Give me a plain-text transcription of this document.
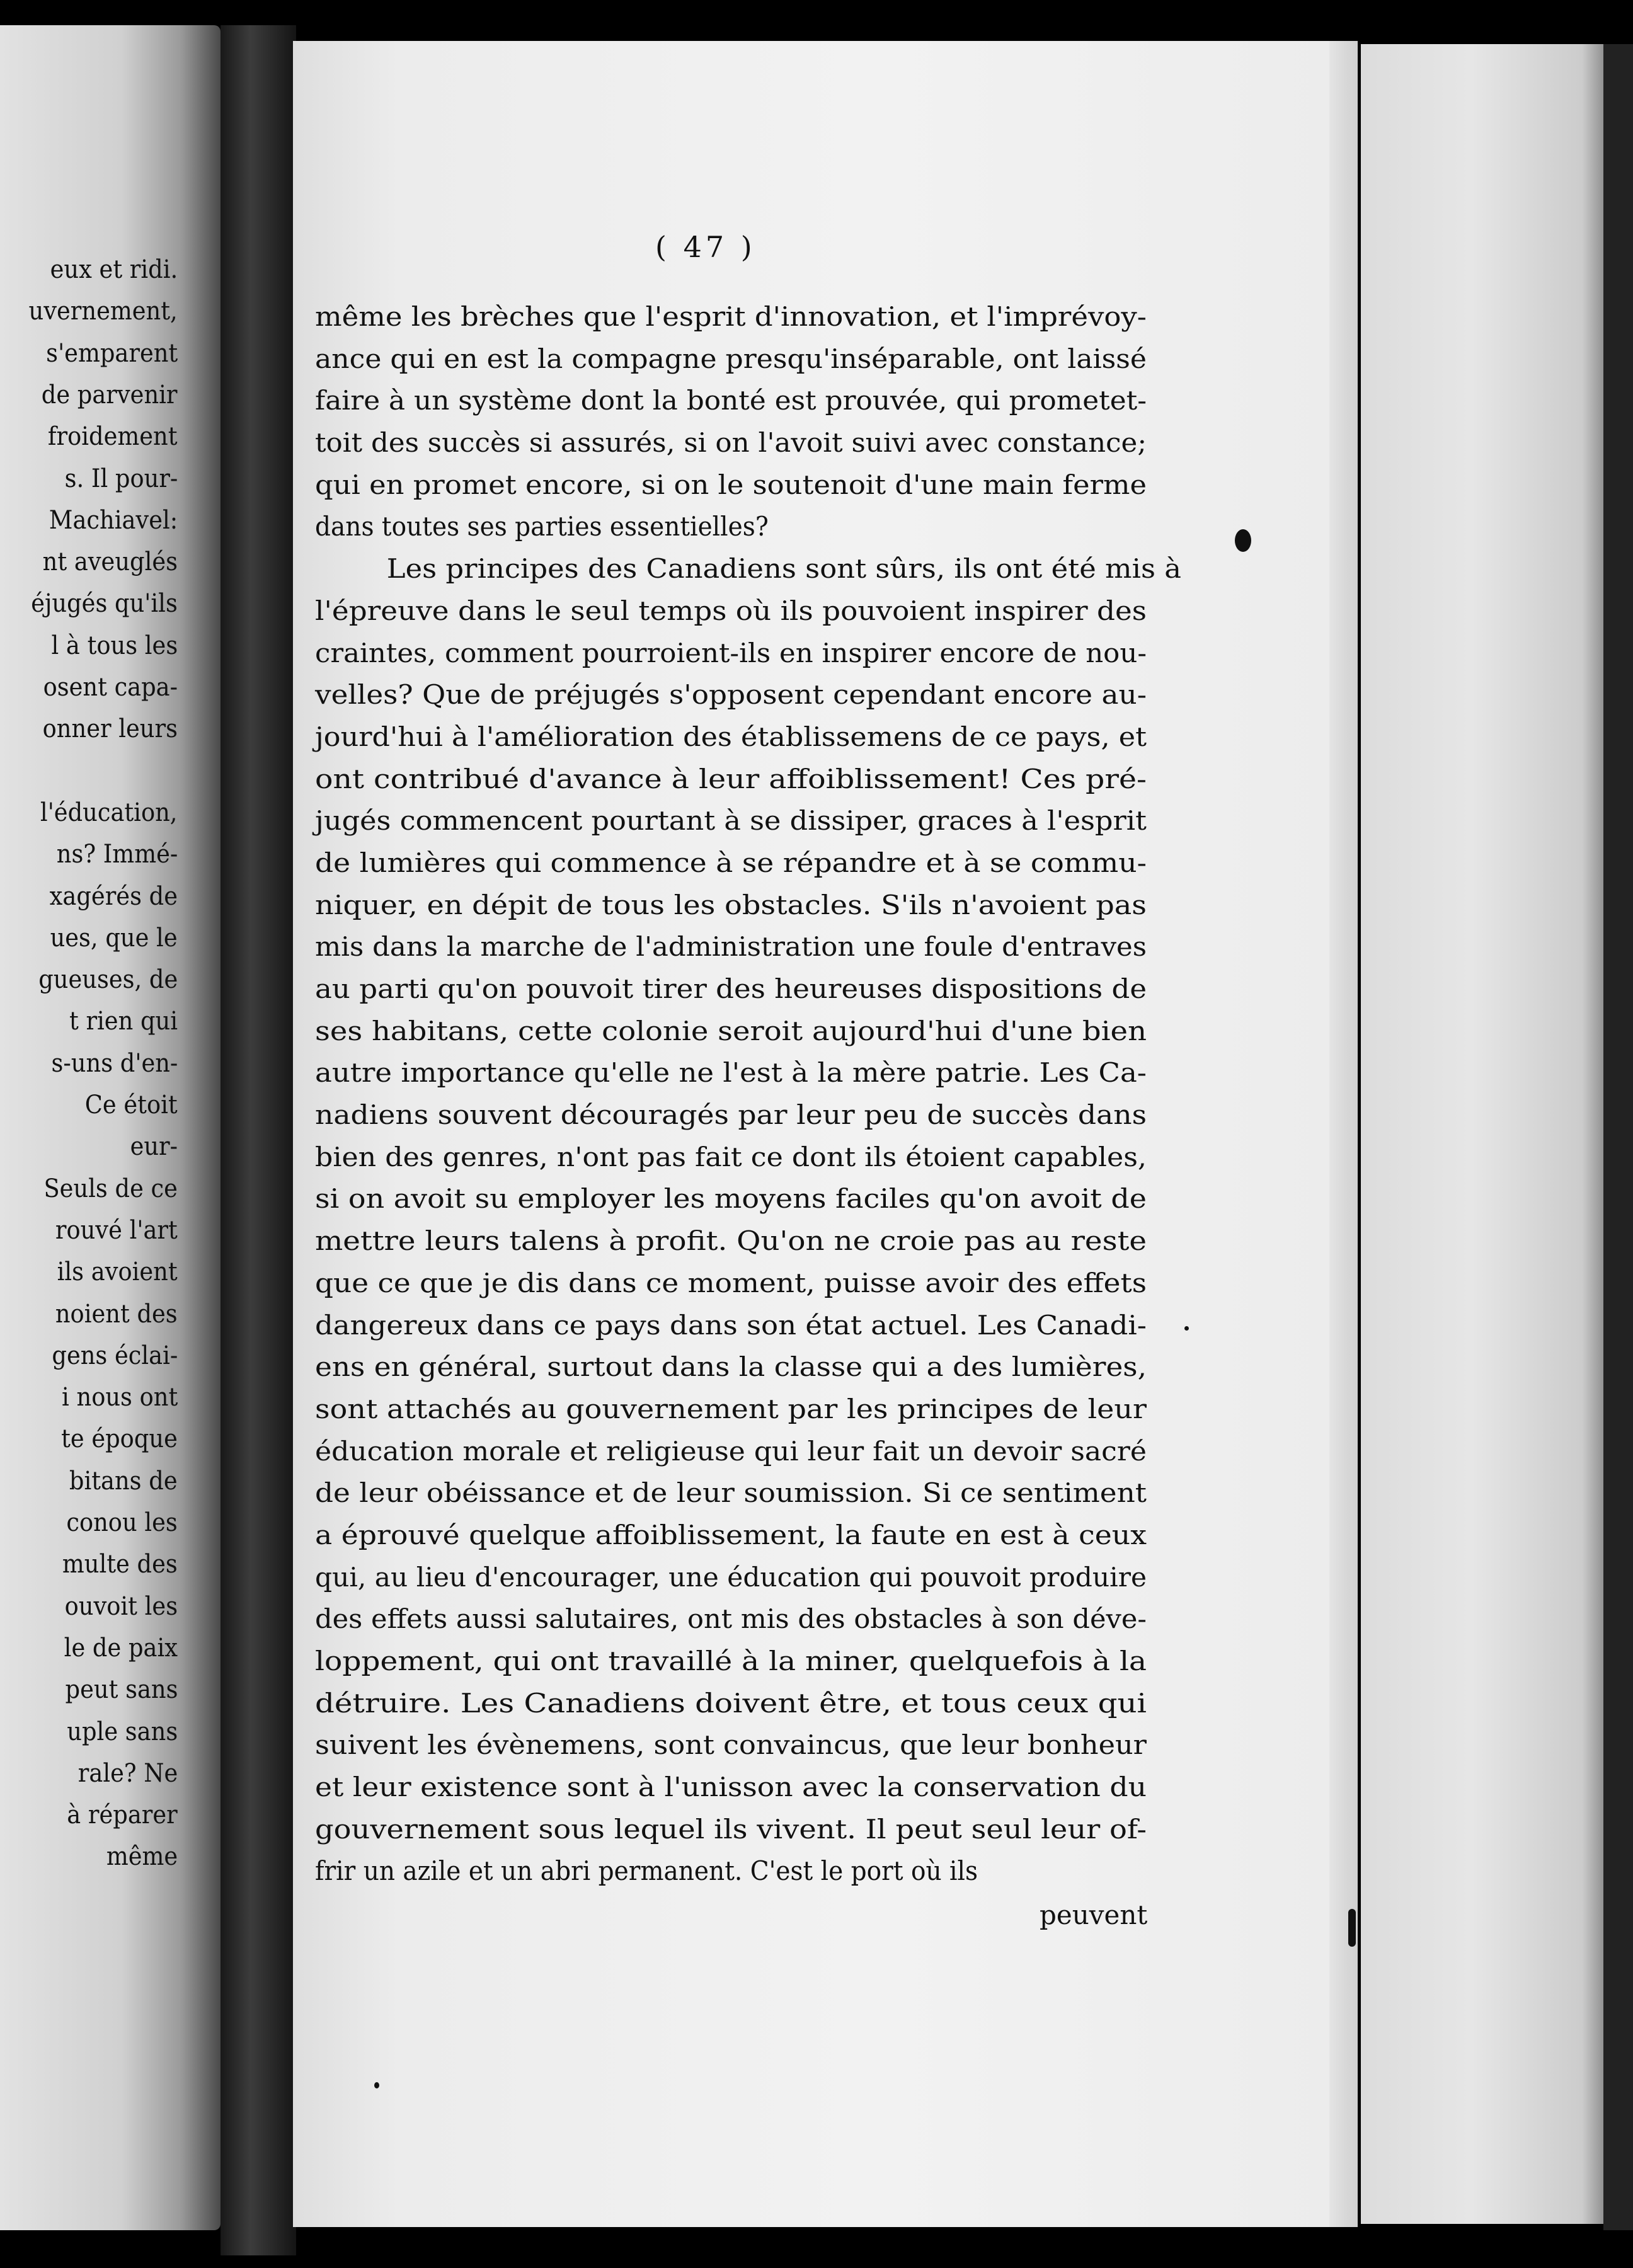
eux et ridi.
uvernement,
s'emparent
de parvenir
froidement
s. Il pour-
Machiavel:
nt aveuglés
éjugés qu'ils
l à tous les
osent capa-
onner leurs
l'éducation,
ns? Immé-
xagérés de
ues, que le
gueuses, de
t rien qui
s-uns d'en-
Ce étoit
eur-
Seuls de ce
rouvé l'art
ils avoient
noient des
gens éclai-
i nous ont
te époque
bitans de
conou les
multe des
ouvoit les
le de paix
peut sans
uple sans
rale? Ne
à réparer
même
( 47 )
même les brèches que l'esprit d'innovation, et l'imprévoy-
ance qui en est la compagne presqu'inséparable, ont laissé
faire à un système dont la bonté est prouvée, qui prometet-
toit des succès si assurés, si on l'avoit suivi avec constance;
qui en promet encore, si on le soutenoit d'une main ferme
dans toutes ses parties essentielles?
Les principes des Canadiens sont sûrs, ils ont été mis à
l'épreuve dans le seul temps où ils pouvoient inspirer des
craintes, comment pourroient-ils en inspirer encore de nou-
velles? Que de préjugés s'opposent cependant encore au-
jourd'hui à l'amélioration des établissemens de ce pays, et
ont contribué d'avance à leur affoiblissement! Ces pré-
jugés commencent pourtant à se dissiper, graces à l'esprit
de lumières qui commence à se répandre et à se commu-
niquer, en dépit de tous les obstacles. S'ils n'avoient pas
mis dans la marche de l'administration une foule d'entraves
au parti qu'on pouvoit tirer des heureuses dispositions de
ses habitans, cette colonie seroit aujourd'hui d'une bien
autre importance qu'elle ne l'est à la mère patrie. Les Ca-
nadiens souvent découragés par leur peu de succès dans
bien des genres, n'ont pas fait ce dont ils étoient capables,
si on avoit su employer les moyens faciles qu'on avoit de
mettre leurs talens à profit. Qu'on ne croie pas au reste
que ce que je dis dans ce moment, puisse avoir des effets
dangereux dans ce pays dans son état actuel. Les Canadi-
ens en général, surtout dans la classe qui a des lumières,
sont attachés au gouvernement par les principes de leur
éducation morale et religieuse qui leur fait un devoir sacré
de leur obéissance et de leur soumission. Si ce sentiment
a éprouvé quelque affoiblissement, la faute en est à ceux
qui, au lieu d'encourager, une éducation qui pouvoit produire
des effets aussi salutaires, ont mis des obstacles à son déve-
loppement, qui ont travaillé à la miner, quelquefois à la
détruire. Les Canadiens doivent être, et tous ceux qui
suivent les évènemens, sont convaincus, que leur bonheur
et leur existence sont à l'unisson avec la conservation du
gouvernement sous lequel ils vivent. Il peut seul leur of-
frir un azile et un abri permanent. C'est le port où ils
peuvent
